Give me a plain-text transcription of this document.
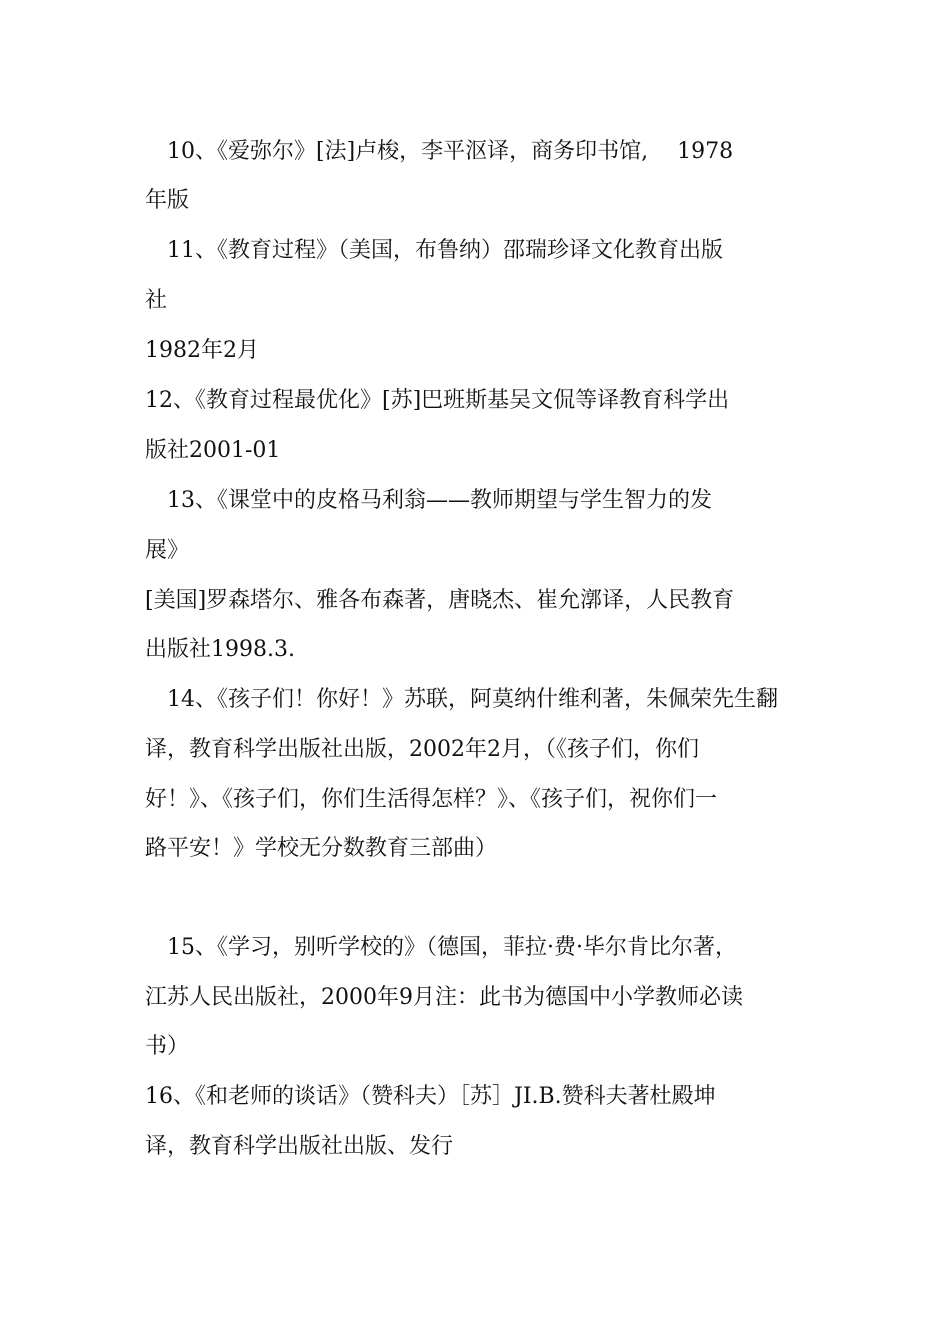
　10、《爱弥尔》[法]卢梭，李平沤译，商务印书馆,　 1978

年版

　11、《教育过程》（美国，布鲁纳）邵瑞珍译文化教育出版

社

1982年2月

12、《教育过程最优化》[苏]巴班斯基吴文侃等译教育科学出

版社2001-01

　13、《课堂中的皮格马利翁——教师期望与学生智力的发

展》

[美国]罗森塔尔、雅各布森著，唐晓杰、崔允漷译，人民教育

出版社1998.3.

　14、《孩子们！你好！》苏联，阿莫纳什维利著，朱佩荣先生翻

译，教育科学出版社出版，2002年2月，（《孩子们，你们

好！》、《孩子们，你们生活得怎样？》、《孩子们，祝你们一

路平安！》学校无分数教育三部曲）

　15、《学习，别听学校的》（德国，菲拉·费·毕尔肯比尔著，

江苏人民出版社，2000年9月注：此书为德国中小学教师必读

书）

16、《和老师的谈话》（赞科夫）［苏］JI.B.赞科夫著杜殿坤

译，教育科学出版社出版、发行
